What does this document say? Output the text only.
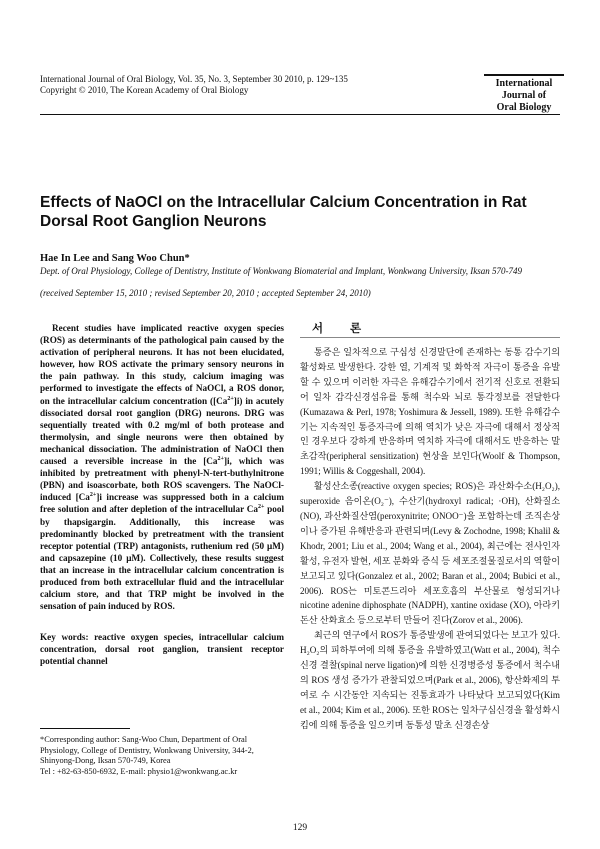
International Journal of Oral Biology, Vol. 35, No. 3, September 30 2010, p. 129~135
Copyright © 2010, The Korean Academy of Oral Biology
International
Journal of
Oral Biology
Effects of NaOCl on the Intracellular Calcium Concentration in Rat Dorsal Root Ganglion Neurons
Hae In Lee and Sang Woo Chun*
Dept. of Oral Physiology, College of Dentistry, Institute of Wonkwang Biomaterial and Implant, Wonkwang University, Iksan 570-749
(received September 15, 2010 ; revised September 20, 2010 ; accepted September 24, 2010)

Recent studies have implicated reactive oxygen species (ROS) as determinants of the pathological pain caused by the activation of peripheral neurons. It has not been elucidated, however, how ROS activate the primary sensory neurons in the pain pathway. In this study, calcium imaging was performed to investigate the effects of NaOCl, a ROS donor, on the intracellular calcium concentration $([Ca^{2+}]i)$ in acutely dissociated dorsal root ganglion (DRG) neurons. DRG was sequentially treated with 0.2 mg/ml of both protease and thermolysin, and single neurons were then obtained by mechanical dissociation. The administration of NaOCl then caused a reversible increase in the $[Ca^{2+}]i$, which was inhibited by pretreatment with phenyl-N-tert-buthylnitrone (PBN) and isoascorbate, both ROS scavengers. The NaOCl-induced $[Ca^{2+}]i$ increase was suppressed both in a calcium free solution and after depletion of the intracellular $Ca^{2+}$ pool by thapsigargin. Additionally, this increase was predominantly blocked by pretreatment with the transient receptor potential (TRP) antagonists, ruthenium red (50 μM) and capsazepine (10 μM). Collectively, these results suggest that an increase in the intracellular calcium concentration is produced from both extracellular fluid and the intracellular calcium store, and that TRP might be involved in the sensation of pain induced by ROS.

Key words: reactive oxygen species, intracellular calcium concentration, dorsal root ganglion, transient receptor potential channel
*Corresponding author: Sang-Woo Chun, Department of Oral Physiology, College of Dentistry, Wonkwang University, 344-2, Shinyong-Dong, Iksan 570-749, Korea
Tel : +82-63-850-6932, E-mail: physio1@wonkwang.ac.kr
서 론

통증은 일차적으로 구심성 신경말단에 존재하는 동통 감수기의 활성화로 발생한다. 강한 열, 기계적 및 화학적 자극이 통증을 유발할 수 있으며 이러한 자극은 유해감수기에서 전기적 신호로 전환되어 일차 감각신경섬유를 통해 척수와 뇌로 통각정보를 전달한다(Kumazawa & Perl, 1978; Yoshimura & Jessell, 1989). 또한 유해감수기는 지속적인 통증자극에 의해 역치가 낮은 자극에 대해서 정상적인 경우보다 강하게 반응하며 역치하 자극에 대해서도 반응하는 말초감작(peripheral sensitization) 현상을 보인다(Woolf & Thompson, 1991; Willis & Coggeshall, 2004).

활성산소종(reactive oxygen species; ROS)은 과산화수소(H₂O₂), superoxide 음이온(O₂⁻), 수산기(hydroxyl radical; ·OH), 산화질소(NO), 과산화질산염(peroxynitrite; ONOO⁻)을 포함하는데 조직손상이나 증가된 유해반응과 관련되며(Levy & Zochodne, 1998; Khalil & Khodr, 2001; Liu et al., 2004; Wang et al., 2004), 최근에는 전사인자 활성, 유전자 발현, 세포 분화와 증식 등 세포조절물질로서의 역할이 보고되고 있다(Gonzalez et al., 2002; Baran et al., 2004; Bubici et al., 2006). ROS는 미토콘드리아 세포호흡의 부산물로 형성되거나 nicotine adenine diphosphate (NADPH), xantine oxidase (XO), 아라키돈산 산화효소 등으로부터 만들어 진다(Zorov et al., 2006).

최근의 연구에서 ROS가 통증발생에 관여되었다는 보고가 있다. H₂O₂의 피하투여에 의해 통증을 유발하였고(Watt et al., 2004), 척수신경 결찰(spinal nerve ligation)에 의한 신경병증성 통증에서 척수내의 ROS 생성 증가가 관찰되었으며(Park et al., 2006), 항산화제의 투여로 수 시간동안 지속되는 진통효과가 나타났다 보고되었다(Kim et al., 2004; Kim et al., 2006). 또한 ROS는 일차구심신경을 활성화시킴에 의해 통증을 일으키며 동통성 말초 신경손상

129
